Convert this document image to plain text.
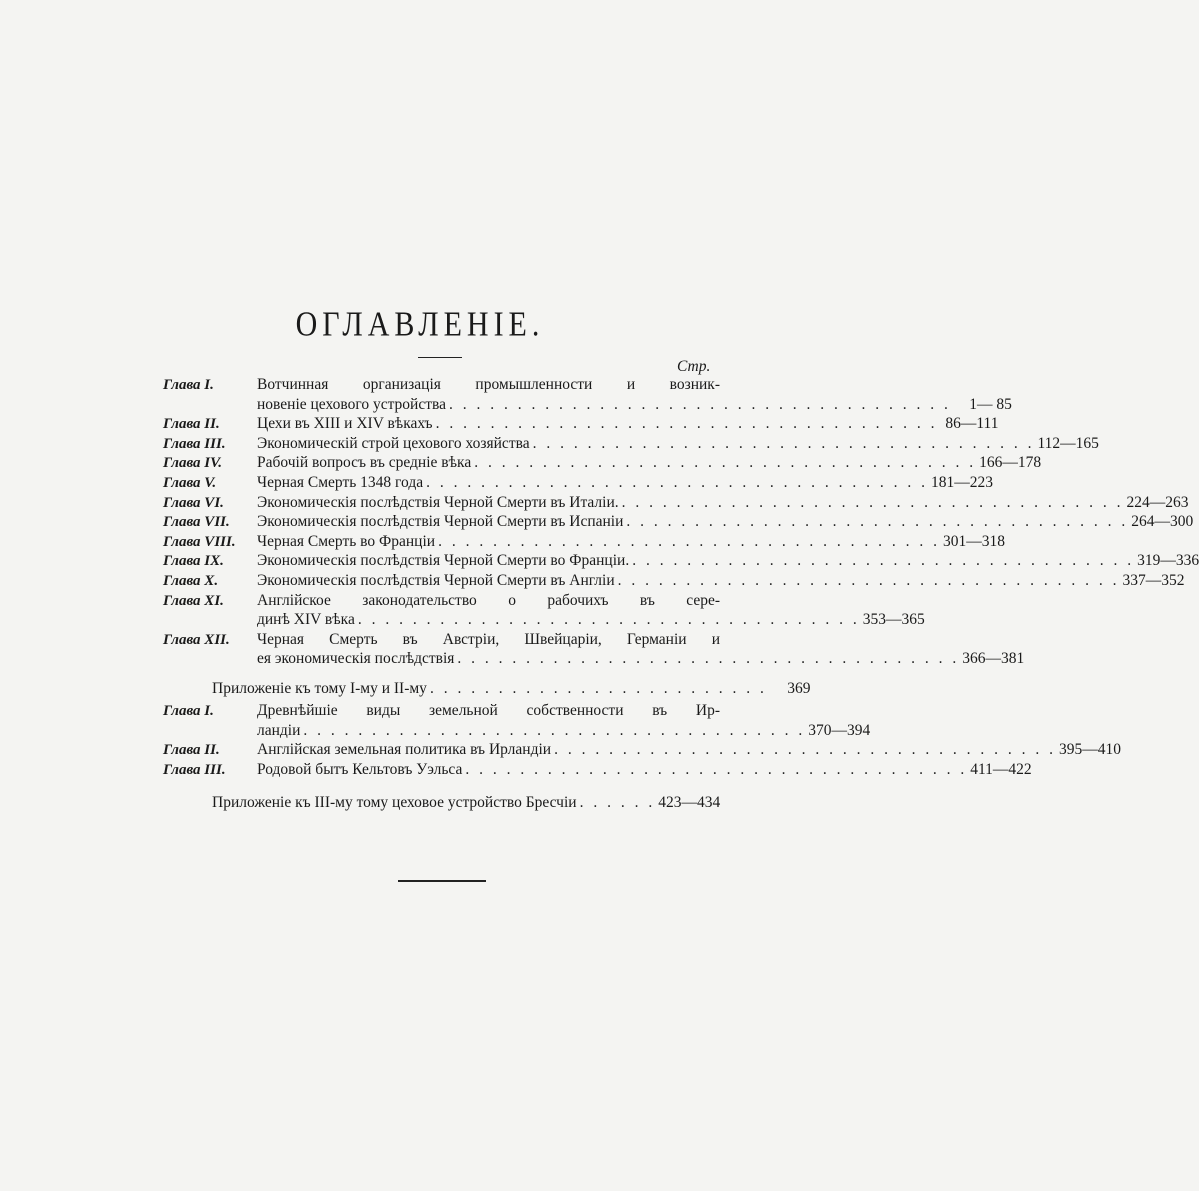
ОГЛАВЛЕНІЕ.
Стр.
Глава I.	Вотчинная организація промышленности и возник-
новеніе цехового устройства . . . . . . . . . . . . . . . . . . . . . . . . . . . . . . . . . . . . .	1— 85
Глава II. Цехи въ XIII и XIV вѣкахъ . . . . . . . . . . . . . . . . . . . . . . . . . . . . . . . . . . . . . 86—111
Глава III. Экономическій строй цехового хозяйства . . . . . . . . . . . . . . . . . . . . . . . . . . . . . . . . . . . . . 112—165
Глава IV. Рабочій вопросъ въ средніе вѣка . . . . . . . . . . . . . . . . . . . . . . . . . . . . . . . . . . . . . 166—178
Глава V.	Черная Смерть 1348 года . . . . . . . . . . . . . . . . . . . . . . . . . . . . . . . . . . . . . 181—223
Глава VI. Экономическія послѣдствія Черной Смерти въ Италіи. . . . . . . . . . . . . . . . . . . . . . . . . . . . . . . . . . . . . . 224—263
Глава VII. Экономическія послѣдствія Черной Смерти въ Испаніи . . . . . . . . . . . . . . . . . . . . . . . . . . . . . . . . . . . . . 264—300
Глава VIII. Черная Смерть во Франціи . . . . . . . . . . . . . . . . . . . . . . . . . . . . . . . . . . . . . 301—318
Глава IX. Экономическія послѣдствія Черной Смерти во Франціи. . . . . . . . . . . . . . . . . . . . . . . . . . . . . . . . . . . . . . 319—336
Глава X.	Экономическія послѣдствія Черной Смерти въ Англіи . . . . . . . . . . . . . . . . . . . . . . . . . . . . . . . . . . . . . 337—352
Глава XI. Англійское законодательство о рабочихъ въ сере-
динѣ XIV вѣка . . . . . . . . . . . . . . . . . . . . . . . . . . . . . . . . . . . . . 353—365
Глава XII. Черная Смерть въ Австріи, Швейцаріи, Германіи и
ея экономическія послѣдствія . . . . . . . . . . . . . . . . . . . . . . . . . . . . . . . . . . . . . 366—381
Приложеніе къ тому I-му и II-му . . . . . . . . . . . . . . . . . . . . . . . . .	369
Глава I.	Древнѣйшіе виды земельной собственности въ Ир-
ландіи . . . . . . . . . . . . . . . . . . . . . . . . . . . . . . . . . . . . . 370—394
Глава II. Англійская земельная политика въ Ирландіи . . . . . . . . . . . . . . . . . . . . . . . . . . . . . . . . . . . . . 395—410
Глава III. Родовой бытъ Кельтовъ Уэльса . . . . . . . . . . . . . . . . . . . . . . . . . . . . . . . . . . . . . 411—422
Приложеніе къ III-му тому цеховое устройство Бресчіи . . . . . . 423—434
